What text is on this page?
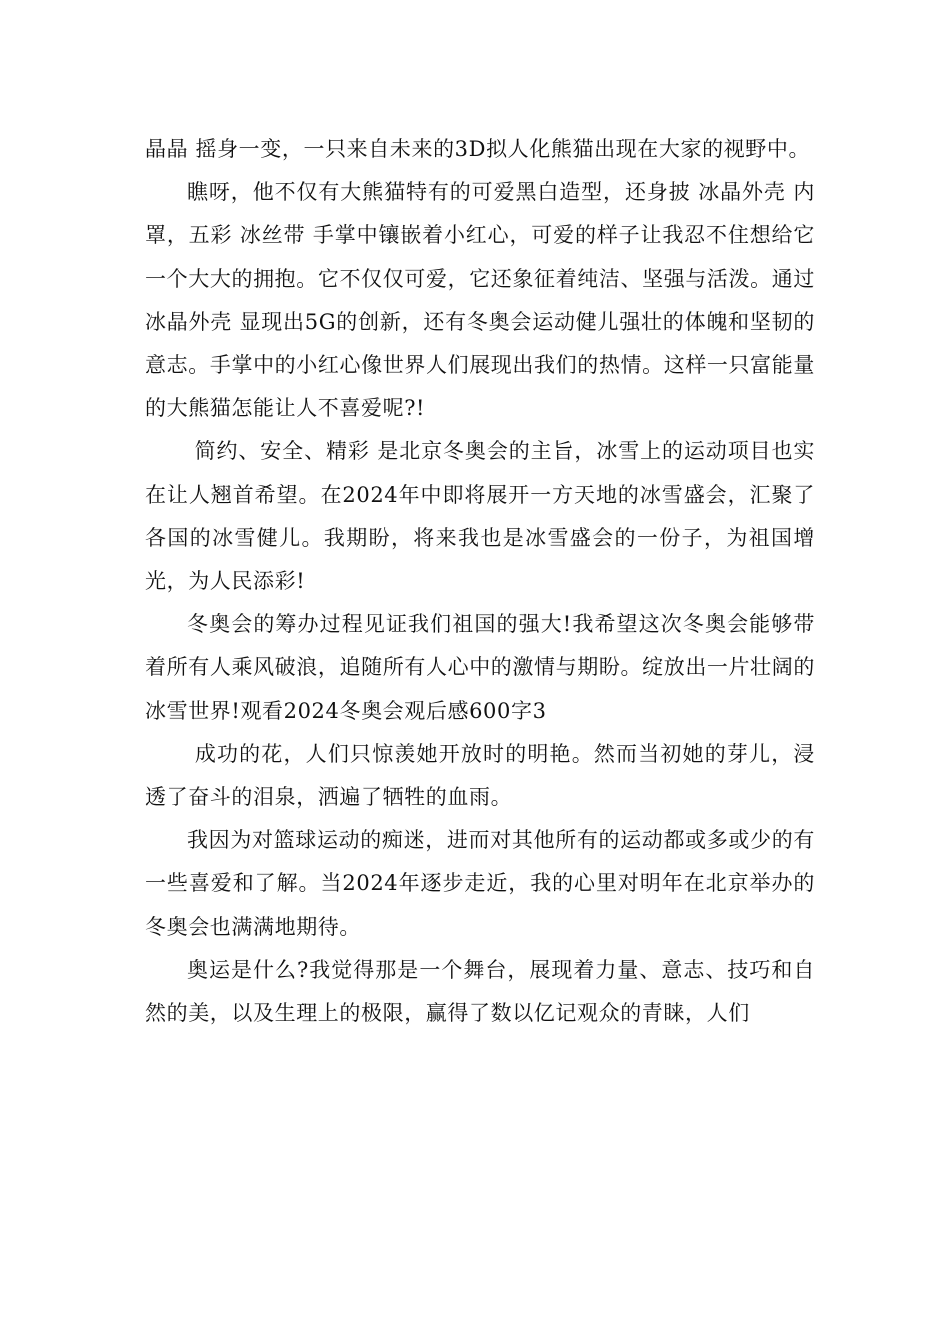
晶晶 摇身一变，一只来自未来的3D拟人化熊猫出现在大家的视野中。

瞧呀，他不仅有大熊猫特有的可爱黑白造型，还身披 冰晶外壳 内罩，五彩 冰丝带 手掌中镶嵌着小红心，可爱的样子让我忍不住想给它一个大大的拥抱。它不仅仅可爱，它还象征着纯洁、坚强与活泼。通过 冰晶外壳 显现出5G的创新，还有冬奥会运动健儿强壮的体魄和坚韧的意志。手掌中的小红心像世界人们展现出我们的热情。这样一只富能量的大熊猫怎能让人不喜爱呢?!

简约、安全、精彩 是北京冬奥会的主旨，冰雪上的运动项目也实在让人翘首希望。在2024年中即将展开一方天地的冰雪盛会，汇聚了各国的冰雪健儿。我期盼，将来我也是冰雪盛会的一份子，为祖国增光，为人民添彩!

冬奥会的筹办过程见证我们祖国的强大!我希望这次冬奥会能够带着所有人乘风破浪，追随所有人心中的激情与期盼。绽放出一片壮阔的冰雪世界!观看2024冬奥会观后感600字3

成功的花，人们只惊羡她开放时的明艳。然而当初她的芽儿，浸透了奋斗的泪泉，洒遍了牺牲的血雨。

我因为对篮球运动的痴迷，进而对其他所有的运动都或多或少的有一些喜爱和了解。当2024年逐步走近，我的心里对明年在北京举办的冬奥会也满满地期待。

奥运是什么?我觉得那是一个舞台，展现着力量、意志、技巧和自然的美，以及生理上的极限，赢得了数以亿记观众的青睐，人们
